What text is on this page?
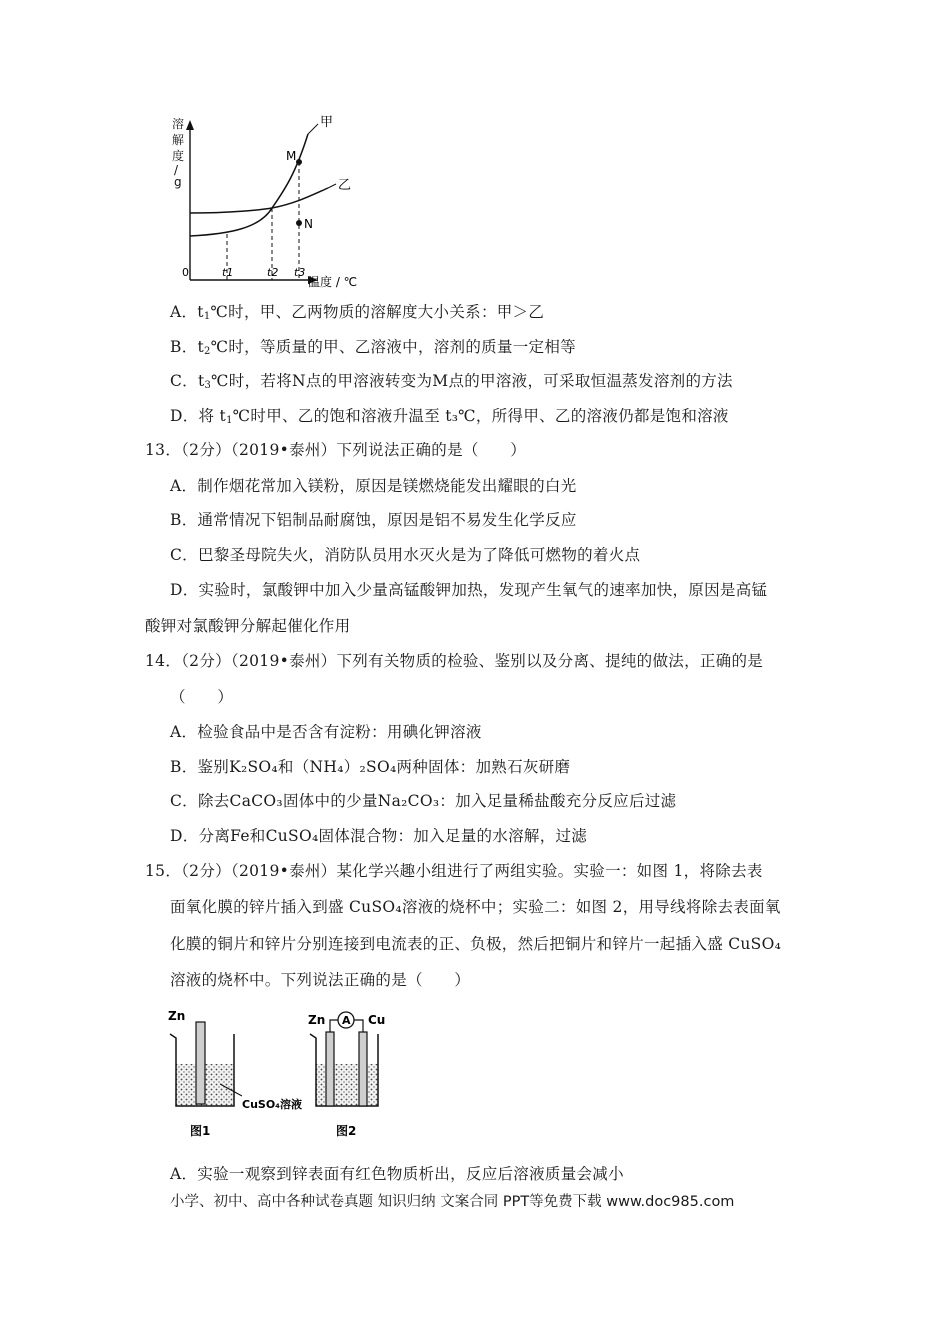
溶
解
度
/
g
0
温度 / ℃
甲
乙
M
N
t1	t2 t3
A．$t_1℃$时，甲、乙两物质的溶解度大小关系：甲＞乙
B．$t_2℃$时，等质量的甲、乙溶液中，溶剂的质量一定相等
C．$t_3℃$时，若将N点的甲溶液转变为M点的甲溶液，可采取恒温蒸发溶剂的方法
D．将 $t_1℃$时甲、乙的饱和溶液升温至 t₃℃，所得甲、乙的溶液仍都是饱和溶液
13．（2分）（2019•泰州）下列说法正确的是（　　）
A．制作烟花常加入镁粉，原因是镁燃烧能发出耀眼的白光
B．通常情况下铝制品耐腐蚀，原因是铝不易发生化学反应
C．巴黎圣母院失火，消防队员用水灭火是为了降低可燃物的着火点
D．实验时，氯酸钾中加入少量高锰酸钾加热，发现产生氧气的速率加快，原因是高锰
酸钾对氯酸钾分解起催化作用
14．（2分）（2019•泰州）下列有关物质的检验、鉴别以及分离、提纯的做法，正确的是
（　　）
A．检验食品中是否含有淀粉：用碘化钾溶液
B．鉴别K₂SO₄和（NH₄）₂SO₄两种固体：加熟石灰研磨
C．除去CaCO₃固体中的少量Na₂CO₃：加入足量稀盐酸充分反应后过滤
D．分离Fe和CuSO₄固体混合物：加入足量的水溶解，过滤
15．（2分）（2019•泰州）某化学兴趣小组进行了两组实验。实验一：如图 1，将除去表
面氧化膜的锌片插入到盛 CuSO₄溶液的烧杯中；实验二：如图 2，用导线将除去表面氧
化膜的铜片和锌片分别连接到电流表的正、负极，然后把铜片和锌片一起插入盛 CuSO₄
溶液的烧杯中。下列说法正确的是（　　）
Zn
CuSO₄溶液
图1
A
Zn	Cu
图2
A．实验一观察到锌表面有红色物质析出，反应后溶液质量会减小
小学、初中、高中各种试卷真题 知识归纳 文案合同 PPT等免费下载 www.doc985.com
